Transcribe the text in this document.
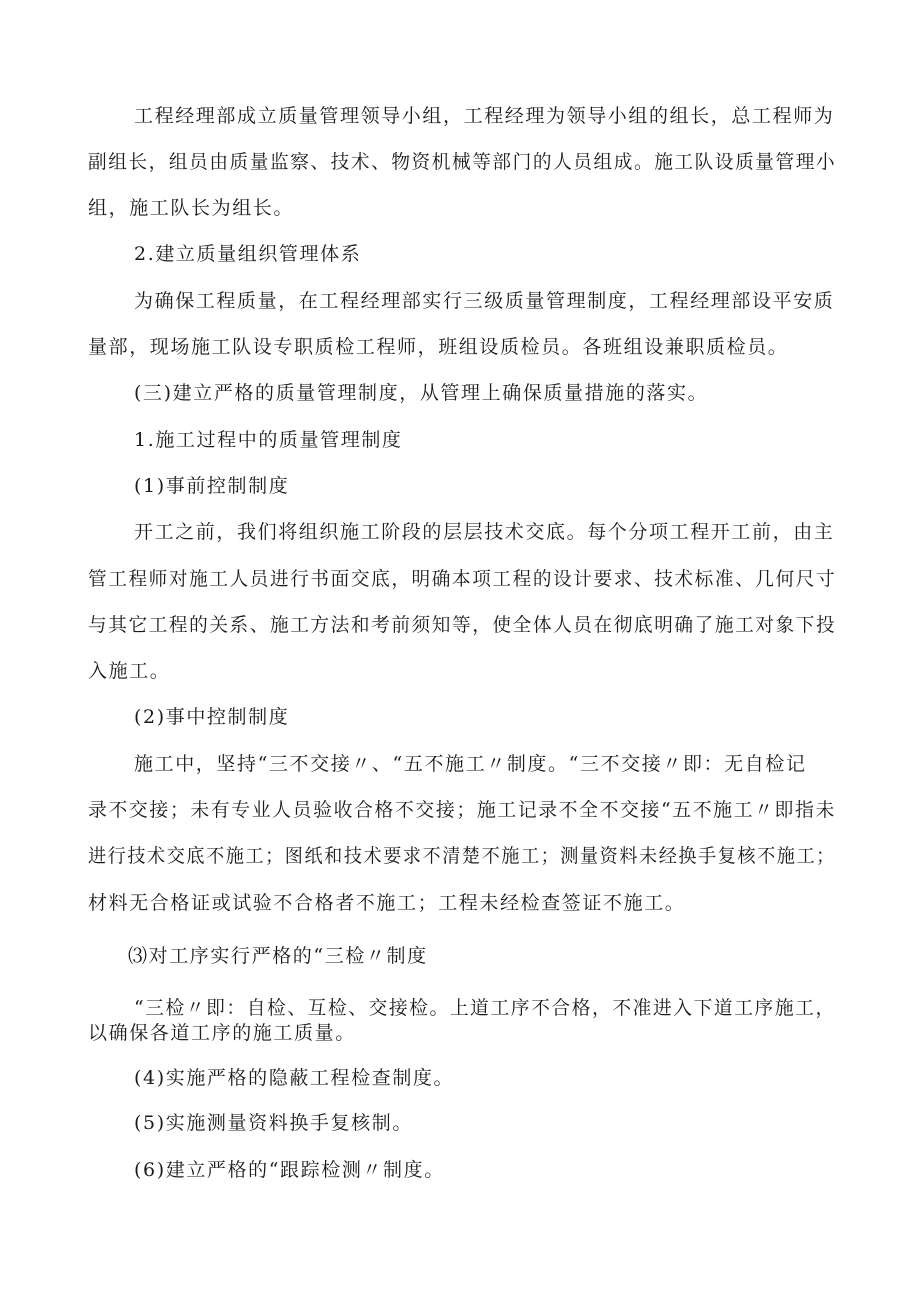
工程经理部成立质量管理领导小组，工程经理为领导小组的组长，总工程师为

副组长，组员由质量监察、技术、物资机械等部门的人员组成。施工队设质量管理小

组，施工队长为组长。

2.建立质量组织管理体系

为确保工程质量，在工程经理部实行三级质量管理制度，工程经理部设平安质

量部，现场施工队设专职质检工程师，班组设质检员。各班组设兼职质检员。

(三)建立严格的质量管理制度，从管理上确保质量措施的落实。

1.施工过程中的质量管理制度

(1)事前控制制度

开工之前，我们将组织施工阶段的层层技术交底。每个分项工程开工前，由主

管工程师对施工人员进行书面交底，明确本项工程的设计要求、技术标准、几何尺寸

与其它工程的关系、施工方法和考前须知等，使全体人员在彻底明确了施工对象下投

入施工。

(2)事中控制制度

施工中，坚持“三不交接〃、“五不施工〃制度。“三不交接〃即：无自检记

录不交接；未有专业人员验收合格不交接；施工记录不全不交接“五不施工〃即指未

进行技术交底不施工；图纸和技术要求不清楚不施工；测量资料未经换手复核不施工；

材料无合格证或试验不合格者不施工；工程未经检查签证不施工。

⑶对工序实行严格的“三检〃制度

“三检〃即：自检、互检、交接检。上道工序不合格，不准进入下道工序施工，

以确保各道工序的施工质量。

(4)实施严格的隐蔽工程检查制度。

(5)实施测量资料换手复核制。

(6)建立严格的“跟踪检测〃制度。
